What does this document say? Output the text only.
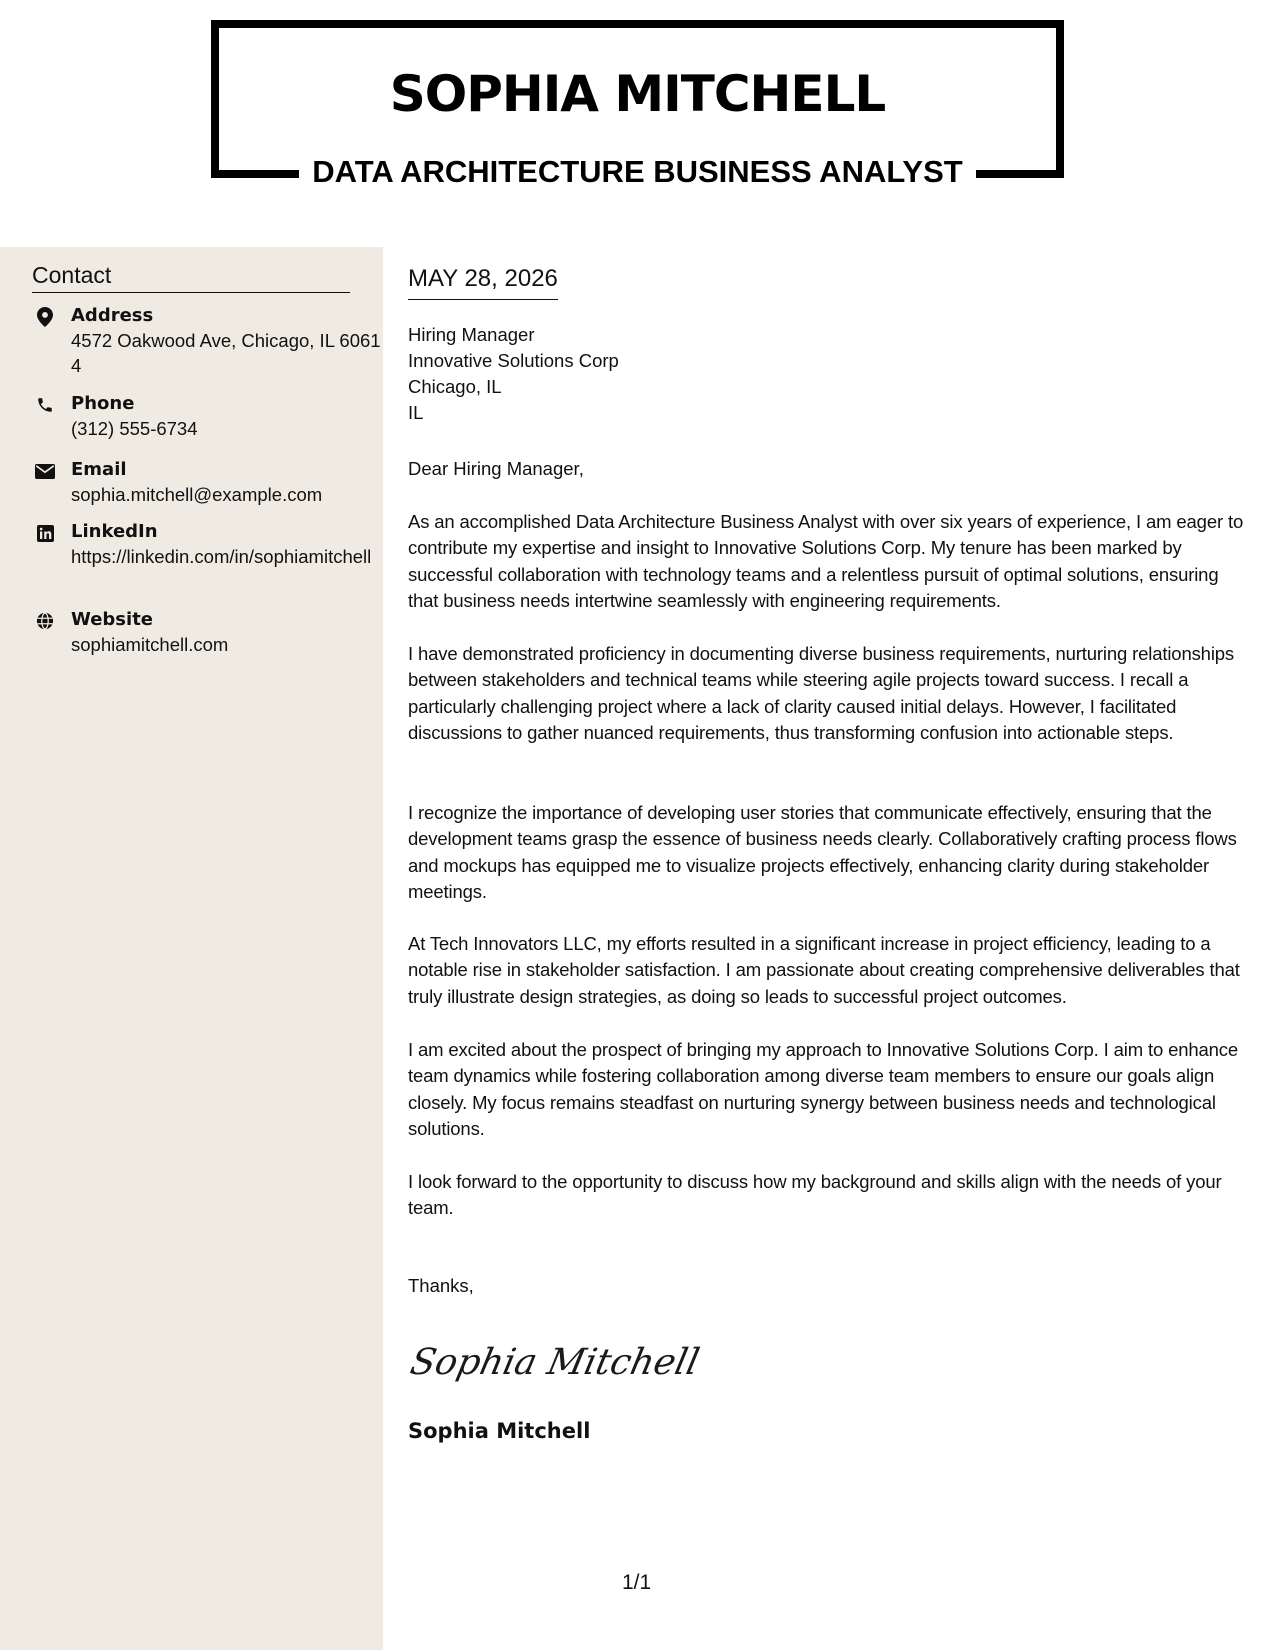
SOPHIA MITCHELL
DATA ARCHITECTURE BUSINESS ANALYST
Contact
Address
4572 Oakwood Ave, Chicago, IL 60614
Phone
(312) 555-6734
Email
sophia.mitchell@example.com
LinkedIn
https://linkedin.com/in/sophiamitchell
Website
sophiamitchell.com
MAY 28, 2026
Hiring Manager
Innovative Solutions Corp
Chicago, IL
IL
Dear Hiring Manager,

As an accomplished Data Architecture Business Analyst with over six years of experience, I am eager to contribute my expertise and insight to Innovative Solutions Corp. My tenure has been marked by successful collaboration with technology teams and a relentless pursuit of optimal solutions, ensuring that business needs intertwine seamlessly with engineering requirements.

I have demonstrated proficiency in documenting diverse business requirements, nurturing relationships between stakeholders and technical teams while steering agile projects toward success. I recall a particularly challenging project where a lack of clarity caused initial delays. However, I facilitated discussions to gather nuanced requirements, thus transforming confusion into actionable steps.

I recognize the importance of developing user stories that communicate effectively, ensuring that the development teams grasp the essence of business needs clearly. Collaboratively crafting process flows and mockups has equipped me to visualize projects effectively, enhancing clarity during stakeholder meetings.

At Tech Innovators LLC, my efforts resulted in a significant increase in project efficiency, leading to a notable rise in stakeholder satisfaction. I am passionate about creating comprehensive deliverables that truly illustrate design strategies, as doing so leads to successful project outcomes.

I am excited about the prospect of bringing my approach to Innovative Solutions Corp. I aim to enhance team dynamics while fostering collaboration among diverse team members to ensure our goals align closely. My focus remains steadfast on nurturing synergy between business needs and technological solutions.

I look forward to the opportunity to discuss how my background and skills align with the needs of your team.

Thanks,
Sophia Mitchell
Sophia Mitchell
1/1
